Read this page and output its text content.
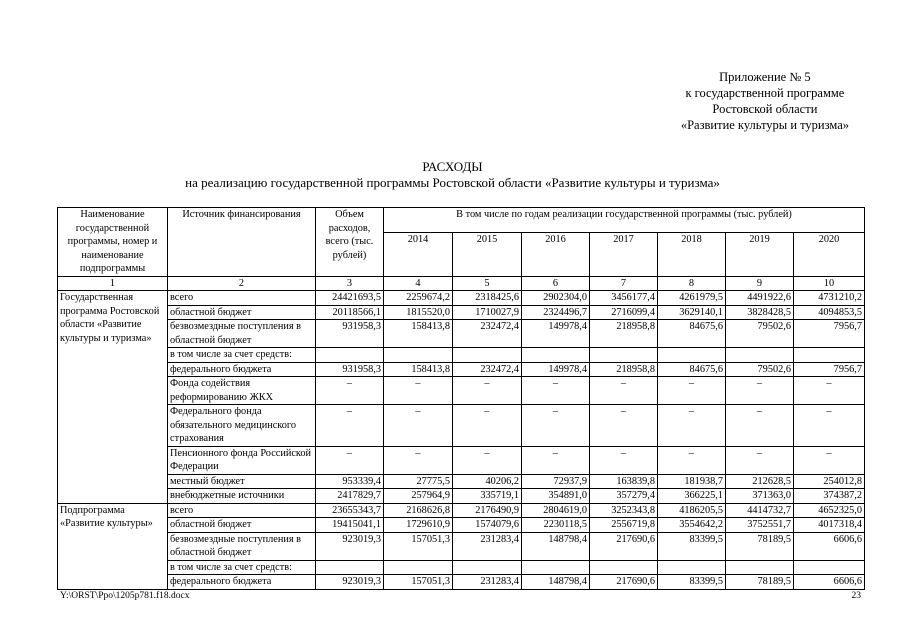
Приложение № 5
к государственной программе
Ростовской области
«Развитие культуры и туризма»
РАСХОДЫ
на реализацию государственной программы Ростовской области «Развитие культуры и туризма»
Наименование государственной программы, номер и наименование подпрограммы	Источник финансирования	Объем расходов, всего (тыс. рублей)	В том числе по годам реализации государственной программы (тыс. рублей)						
			2014	2015	2016	2017	2018	2019	2020
1	2	3	4	5	6	7	8	9	10
Государственная программа Ростовской области «Развитие культуры и туризма»	всего	24421693,5	2259674,2	2318425,6	2902304,0	3456177,4	4261979,5	4491922,6	4731210,2
	областной бюджет	20118566,1	1815520,0	1710027,9	2324496,7	2716099,4	3629140,1	3828428,5	4094853,5
	безвозмездные поступления в областной бюджет	931958,3	158413,8	232472,4	149978,4	218958,8	84675,6	79502,6	7956,7
	в том числе за счет средств:								
	федерального бюджета	931958,3	158413,8	232472,4	149978,4	218958,8	84675,6	79502,6	7956,7
	Фонда содействия реформированию ЖКХ	–	–	–	–	–	–	–	–
	Федерального фонда обязательного медицинского страхования	–	–	–	–	–	–	–	–
	Пенсионного фонда Российской Федерации	–	–	–	–	–	–	–	–
	местный бюджет	953339,4	27775,5	40206,2	72937,9	163839,8	181938,7	212628,5	254012,8
	внебюджетные источники	2417829,7	257964,9	335719,1	354891,0	357279,4	366225,1	371363,0	374387,2
Подпрограмма «Развитие культуры»	всего	23655343,7	2168626,8	2176490,9	2804619,0	3252343,8	4186205,5	4414732,7	4652325,0
	областной бюджет	19415041,1	1729610,9	1574079,6	2230118,5	2556719,8	3554642,2	3752551,7	4017318,4
	безвозмездные поступления в областной бюджет	923019,3	157051,3	231283,4	148798,4	217690,6	83399,5	78189,5	6606,6
	в том числе за счет средств:								
	федерального бюджета	923019,3	157051,3	231283,4	148798,4	217690,6	83399,5	78189,5	6606,6
Y:\ORST\Ppo\1205p781.f18.docx	23
